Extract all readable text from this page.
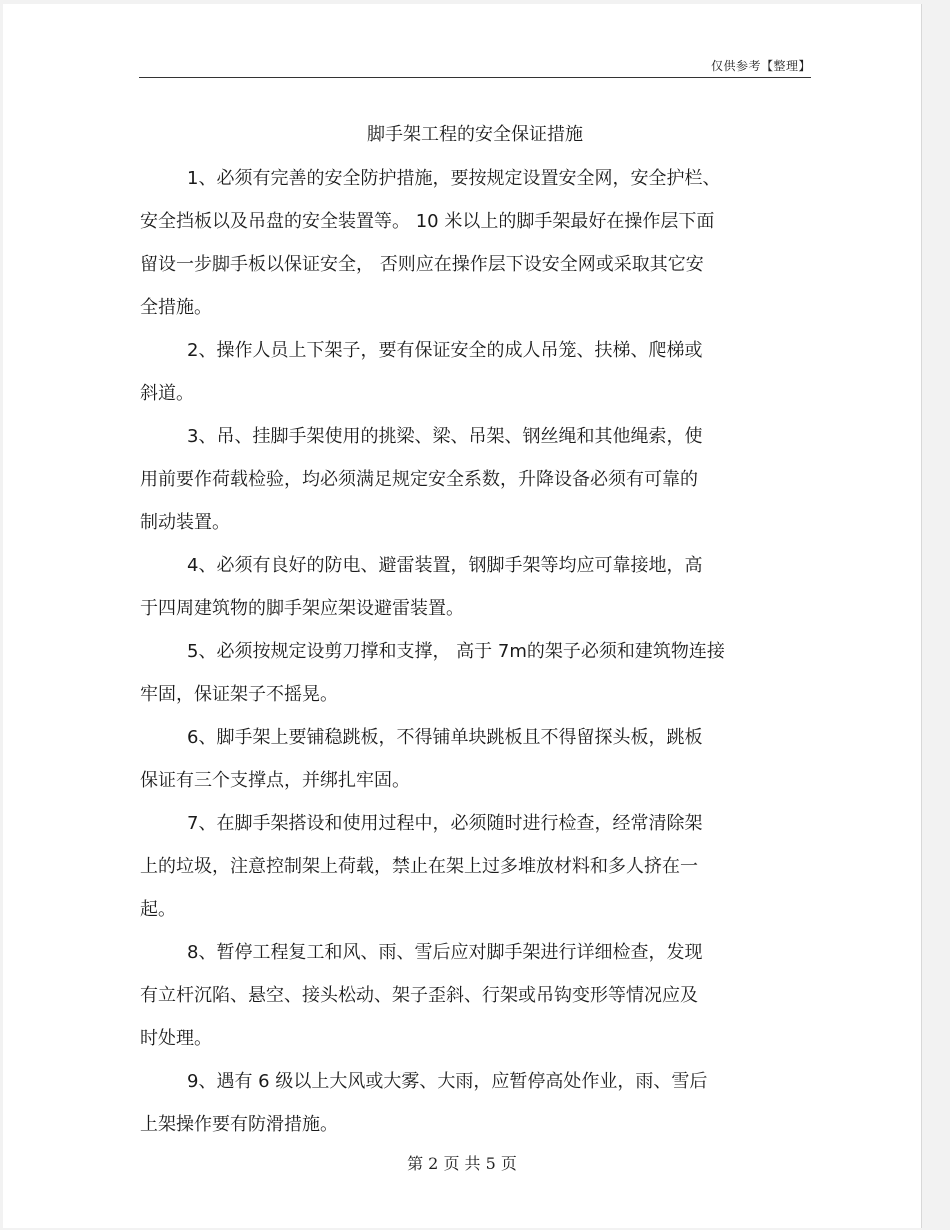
仅供参考【整理】
脚手架工程的安全保证措施
1、必须有完善的安全防护措施，要按规定设置安全网，安全护栏、
安全挡板以及吊盘的安全装置等。 10 米以上的脚手架最好在操作层下面
留设一步脚手板以保证安全， 否则应在操作层下设安全网或采取其它安
全措施。
2、操作人员上下架子，要有保证安全的成人吊笼、扶梯、爬梯或
斜道。
3、吊、挂脚手架使用的挑梁、梁、吊架、钢丝绳和其他绳索，使
用前要作荷载检验，均必须满足规定安全系数，升降设备必须有可靠的
制动装置。
4、必须有良好的防电、避雷装置，钢脚手架等均应可靠接地，高
于四周建筑物的脚手架应架设避雷装置。
5、必须按规定设剪刀撑和支撑， 高于 7m的架子必须和建筑物连接
牢固，保证架子不摇晃。
6、脚手架上要铺稳跳板，不得铺单块跳板且不得留探头板，跳板
保证有三个支撑点，并绑扎牢固。
7、在脚手架搭设和使用过程中，必须随时进行检查，经常清除架
上的垃圾，注意控制架上荷载，禁止在架上过多堆放材料和多人挤在一
起。
8、暂停工程复工和风、雨、雪后应对脚手架进行详细检查，发现
有立杆沉陷、悬空、接头松动、架子歪斜、行架或吊钩变形等情况应及
时处理。
9、遇有 6 级以上大风或大雾、大雨，应暂停高处作业，雨、雪后
上架操作要有防滑措施。
第 2 页 共 5 页
